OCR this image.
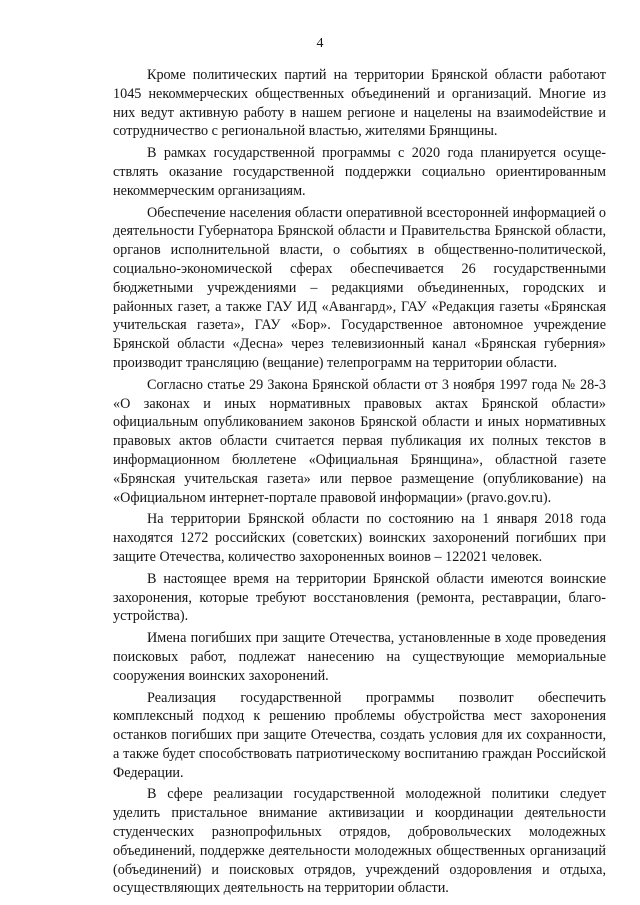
4

Кроме политических партий на территории Брянской области работают 1045 некоммерческих общественных объединений и организаций. Многие из них ведут активную работу в нашем регионе и нацелены на взаимоdействие и сотрудничество с региональной властью, жителями Брянщины.

В рамках государственной программы с 2020 года планируется осуществлять оказание государственной поддержки социально ориентированным некоммерческим организациям.

Обеспечение населения области оперативной всесторонней информацией о деятельности Губернатора Брянской области и Правительства Брянской области, органов исполнительной власти, о событиях в общественно-политической, социально-экономической сферах обеспечивается 26 государственными бюджетными учреждениями – редакциями объединенных, городских и районных газет, а также ГАУ ИД «Авангард», ГАУ «Редакция газеты «Брянская учительская газета», ГАУ «Бор». Государственное автономное учреждение Брянской области «Десна» через телевизионный канал «Брянская губерния» производит трансляцию (вещание) телепрограмм на территории области.

Согласно статье 29 Закона Брянской области от 3 ноября 1997 года № 28-3 «О законах и иных нормативных правовых актах Брянской области» официальным опубликованием законов Брянской области и иных нормативных правовых актов области считается первая публикация их полных текстов в информационном бюллетене «Официальная Брянщина», областной газете «Брянская учительская газета» или первое размещение (опубликование) на «Официальном интернет-портале правовой информации» (pravo.gov.ru).

На территории Брянской области по состоянию на 1 января 2018 года находятся 1272 российских (советских) воинских захоронений погибших при защите Отечества, количество захороненных воинов – 122021 человек.

В настоящее время на территории Брянской области имеются воинские захоронения, которые требуют восстановления (ремонта, реставрации, благоустройства).

Имена погибших при защите Отечества, установленные в ходе проведения поисковых работ, подлежат нанесению на существующие мемориальные сооружения воинских захоронений.

Реализация государственной программы позволит обеспечить комплексный подход к решению проблемы обустройства мест захоронения останков погибших при защите Отечества, создать условия для их сохранности, а также будет способствовать патриотическому воспитанию граждан Российской Федерации.

В сфере реализации государственной молодежной политики следует уделить пристальное внимание активизации и координации деятельности студенческих разнопрофильных отрядов, добровольческих молодежных объединений, поддержке деятельности молодежных общественных организаций (объединений) и поисковых отрядов, учреждений оздоровления и отдыха, осуществляющих деятельность на территории области.
